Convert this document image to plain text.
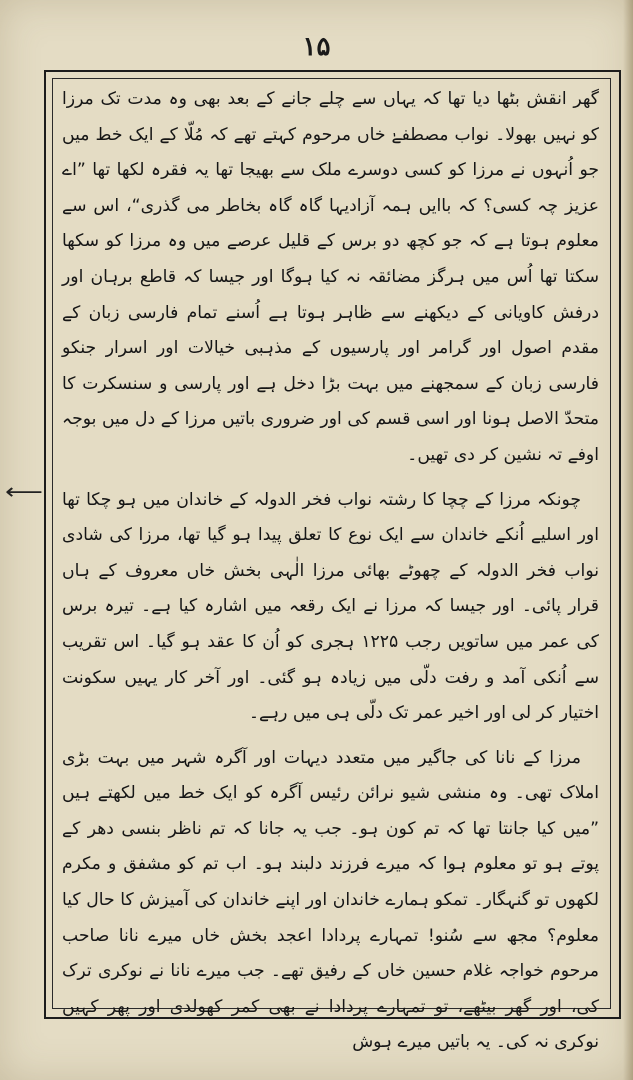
۱۵
⟵

گھر انقش بٹھا دیا تھا کہ یہاں سے چلے جانے کے بعد بھی وہ مدت تک مرزا کو نہیں بھولا۔ نواب مصطفےٰ خاں مرحوم کہتے تھے کہ مُلّا کے ایک خط میں جو اُنہوں نے مرزا کو کسی دوسرے ملک سے بھیجا تھا یہ فقرہ لکھا تھا ”اے عزیز چہ کسی؟ کہ باایں ہمہ آزادیہا گاہ گاہ بخاطر می گذری“، اس سے معلوم ہوتا ہے کہ جو کچھ دو برس کے قلیل عرصے میں وہ مرزا کو سکھا سکتا تھا اُس میں ہرگز مضائقہ نہ کیا ہوگا اور جیسا کہ قاطع برہان اور درفش کاویانی کے دیکھنے سے ظاہر ہوتا ہے اُسنے تمام فارسی زبان کے مقدم اصول اور گرامر اور پارسیوں کے مذہبی خیالات اور اسرار جنکو فارسی زبان کے سمجھنے میں بہت بڑا دخل ہے اور پارسی و سنسکرت کا متحدّ الاصل ہونا اور اسی قسم کی اور ضروری باتیں مرزا کے دل میں بوجہ اوفے تہ نشین کر دی تھیں۔

چونکہ مرزا کے چچا کا رشتہ نواب فخر الدولہ کے خاندان میں ہو چکا تھا اور اسلیے اُنکے خاندان سے ایک نوع کا تعلق پیدا ہو گیا تھا، مرزا کی شادی نواب فخر الدولہ کے چھوٹے بھائی مرزا الٰہی بخش خاں معروف کے ہاں قرار پائی۔ اور جیسا کہ مرزا نے ایک رقعہ میں اشارہ کیا ہے۔ تیرہ برس کی عمر میں ساتویں رجب ۱۲۲۵ ہجری کو اُن کا عقد ہو گیا۔ اس تقریب سے اُنکی آمد و رفت دلّی میں زیادہ ہو گئی۔ اور آخر کار یہیں سکونت اختیار کر لی اور اخیر عمر تک دلّی ہی میں رہے۔

مرزا کے نانا کی جاگیر میں متعدد دیہات اور آگرہ شہر میں بہت بڑی املاک تھی۔ وہ منشی شیو نرائن رئیس آگرہ کو ایک خط میں لکھتے ہیں ”میں کیا جانتا تھا کہ تم کون ہو۔ جب یہ جانا کہ تم ناظر بنسی دھر کے پوتے ہو تو معلوم ہوا کہ میرے فرزند دلبند ہو۔ اب تم کو مشفق و مکرم لکھوں تو گنہگار۔ تمکو ہمارے خاندان اور اپنے خاندان کی آمیزش کا حال کیا معلوم؟ مجھ سے سُنو! تمہارے پردادا اعجد بخش خاں میرے نانا صاحب مرحوم خواجہ غلام حسین خاں کے رفیق تھے۔ جب میرے نانا نے نوکری ترک کی، اور گھر بیٹھے، تو تمہارے پردادا نے بھی کمر کھولدی اور پھر کہیں نوکری نہ کی۔ یہ باتیں میرے ہوش
